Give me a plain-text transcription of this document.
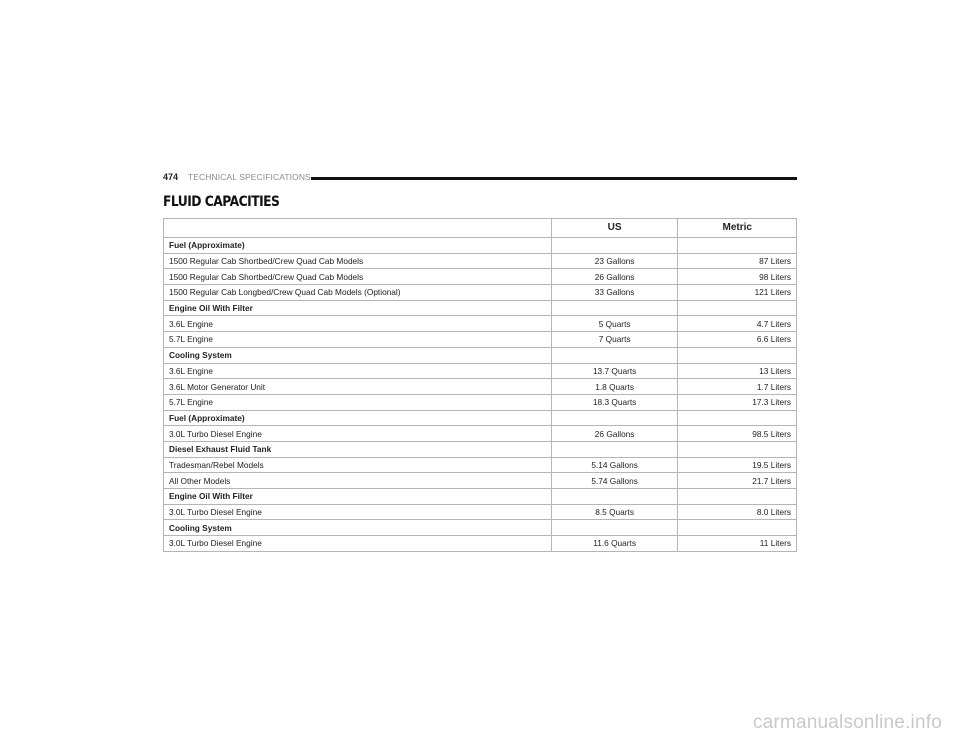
474 TECHNICAL SPECIFICATIONS
FLUID CAPACITIES
	US	Metric
Fuel (Approximate)		
1500 Regular Cab Shortbed/Crew Quad Cab Models	23 Gallons	87 Liters
1500 Regular Cab Shortbed/Crew Quad Cab Models	26 Gallons	98 Liters
1500 Regular Cab Longbed/Crew Quad Cab Models (Optional)	33 Gallons	121 Liters
Engine Oil With Filter		
3.6L Engine	5 Quarts	4.7 Liters
5.7L Engine	7 Quarts	6.6 Liters
Cooling System		
3.6L Engine	13.7 Quarts	13 Liters
3.6L Motor Generator Unit	1.8 Quarts	1.7 Liters
5.7L Engine	18.3 Quarts	17.3 Liters
Fuel (Approximate)		
3.0L Turbo Diesel Engine	26 Gallons	98.5 Liters
Diesel Exhaust Fluid Tank		
Tradesman/Rebel Models	5.14 Gallons	19.5 Liters
All Other Models	5.74 Gallons	21.7 Liters
Engine Oil With Filter		
3.0L Turbo Diesel Engine	8.5 Quarts	8.0 Liters
Cooling System		
3.0L Turbo Diesel Engine	11.6 Quarts	11 Liters
carmanualsonline.info
